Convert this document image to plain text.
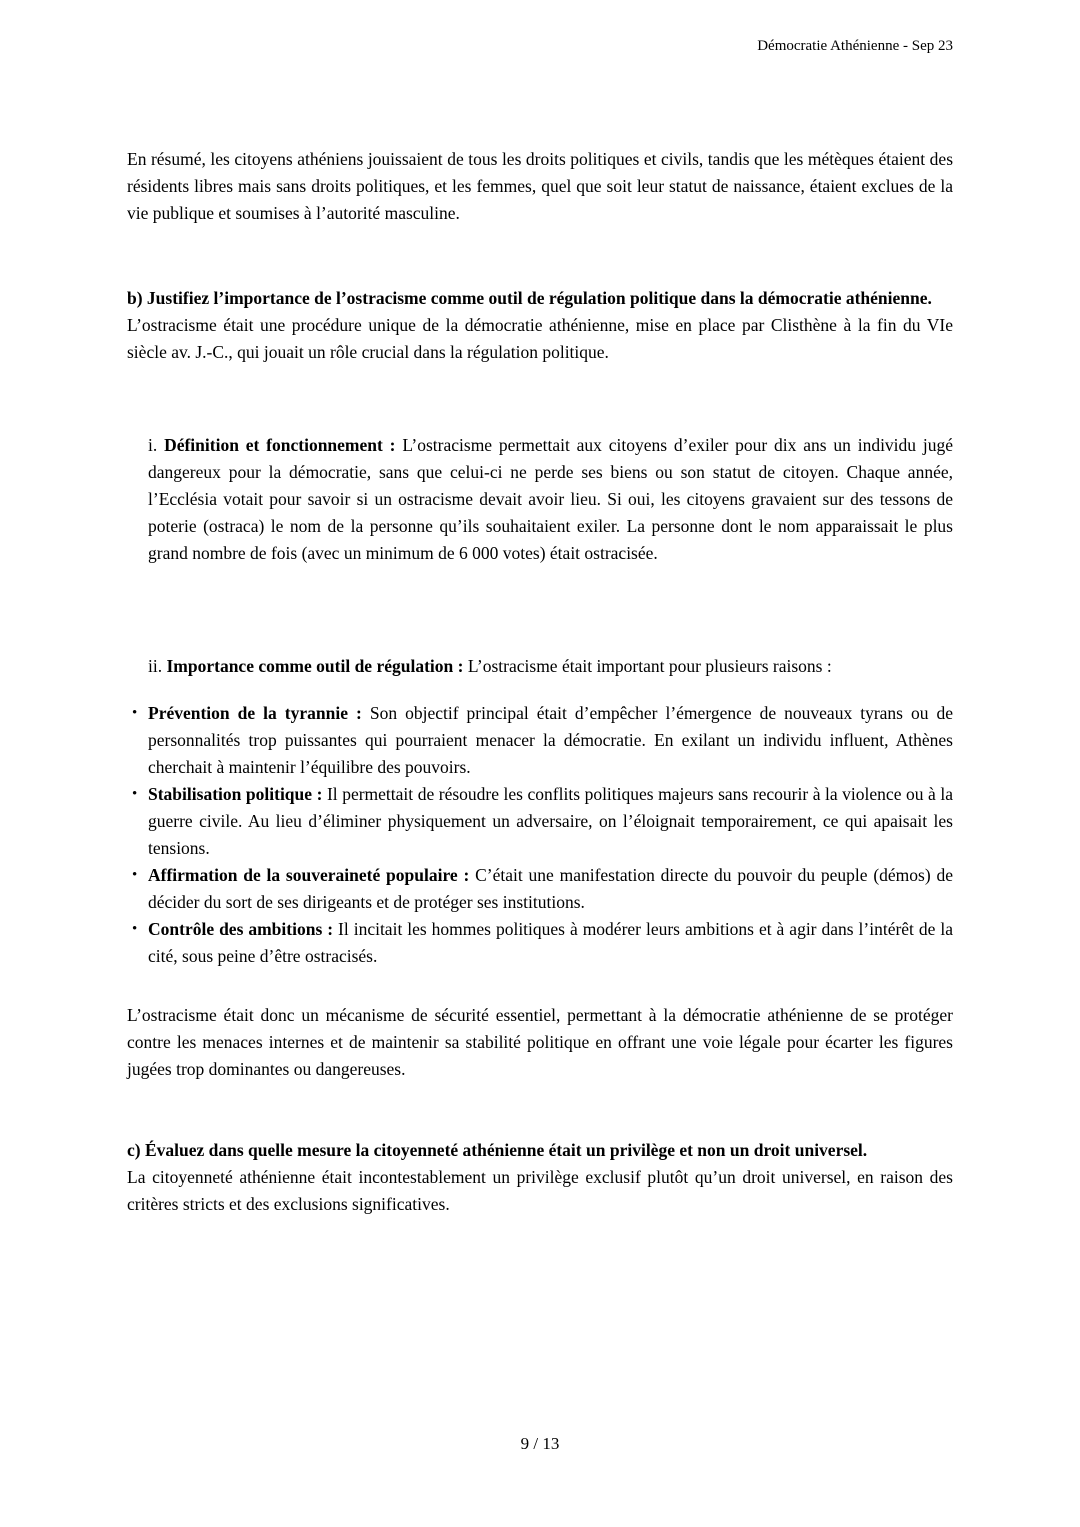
Démocratie Athénienne - Sep 23

En résumé, les citoyens athéniens jouissaient de tous les droits politiques et civils, tandis que les métèques étaient des résidents libres mais sans droits politiques, et les femmes, quel que soit leur statut de naissance, étaient exclues de la vie publique et soumises à l’autorité masculine.

b) Justifiez l’importance de l’ostracisme comme outil de régulation politique dans la démocratie athénienne.

L’ostracisme était une procédure unique de la démocratie athénienne, mise en place par Clisthène à la fin du VIe siècle av. J.-C., qui jouait un rôle crucial dans la régulation politique.

i. Définition et fonctionnement : L’ostracisme permettait aux citoyens d’exiler pour dix ans un individu jugé dangereux pour la démocratie, sans que celui-ci ne perde ses biens ou son statut de citoyen. Chaque année, l’Ecclésia votait pour savoir si un ostracisme devait avoir lieu. Si oui, les citoyens gravaient sur des tessons de poterie (ostraca) le nom de la personne qu’ils souhaitaient exiler. La personne dont le nom apparaissait le plus grand nombre de fois (avec un minimum de 6 000 votes) était ostracisée.

ii. Importance comme outil de régulation : L’ostracisme était important pour plusieurs raisons :

• Prévention de la tyrannie : Son objectif principal était d’empêcher l’émergence de nouveaux tyrans ou de personnalités trop puissantes qui pourraient menacer la démocratie. En exilant un individu influent, Athènes cherchait à maintenir l’équilibre des pouvoirs.

• Stabilisation politique : Il permettait de résoudre les conflits politiques majeurs sans recourir à la violence ou à la guerre civile. Au lieu d’éliminer physiquement un adversaire, on l’éloignait temporairement, ce qui apaisait les tensions.

• Affirmation de la souveraineté populaire : C’était une manifestation directe du pouvoir du peuple (démos) de décider du sort de ses dirigeants et de protéger ses institutions.

• Contrôle des ambitions : Il incitait les hommes politiques à modérer leurs ambitions et à agir dans l’intérêt de la cité, sous peine d’être ostracisés.

L’ostracisme était donc un mécanisme de sécurité essentiel, permettant à la démocratie athénienne de se protéger contre les menaces internes et de maintenir sa stabilité politique en offrant une voie légale pour écarter les figures jugées trop dominantes ou dangereuses.

c) Évaluez dans quelle mesure la citoyenneté athénienne était un privilège et non un droit universel.

La citoyenneté athénienne était incontestablement un privilège exclusif plutôt qu’un droit universel, en raison des critères stricts et des exclusions significatives.

9 / 13
